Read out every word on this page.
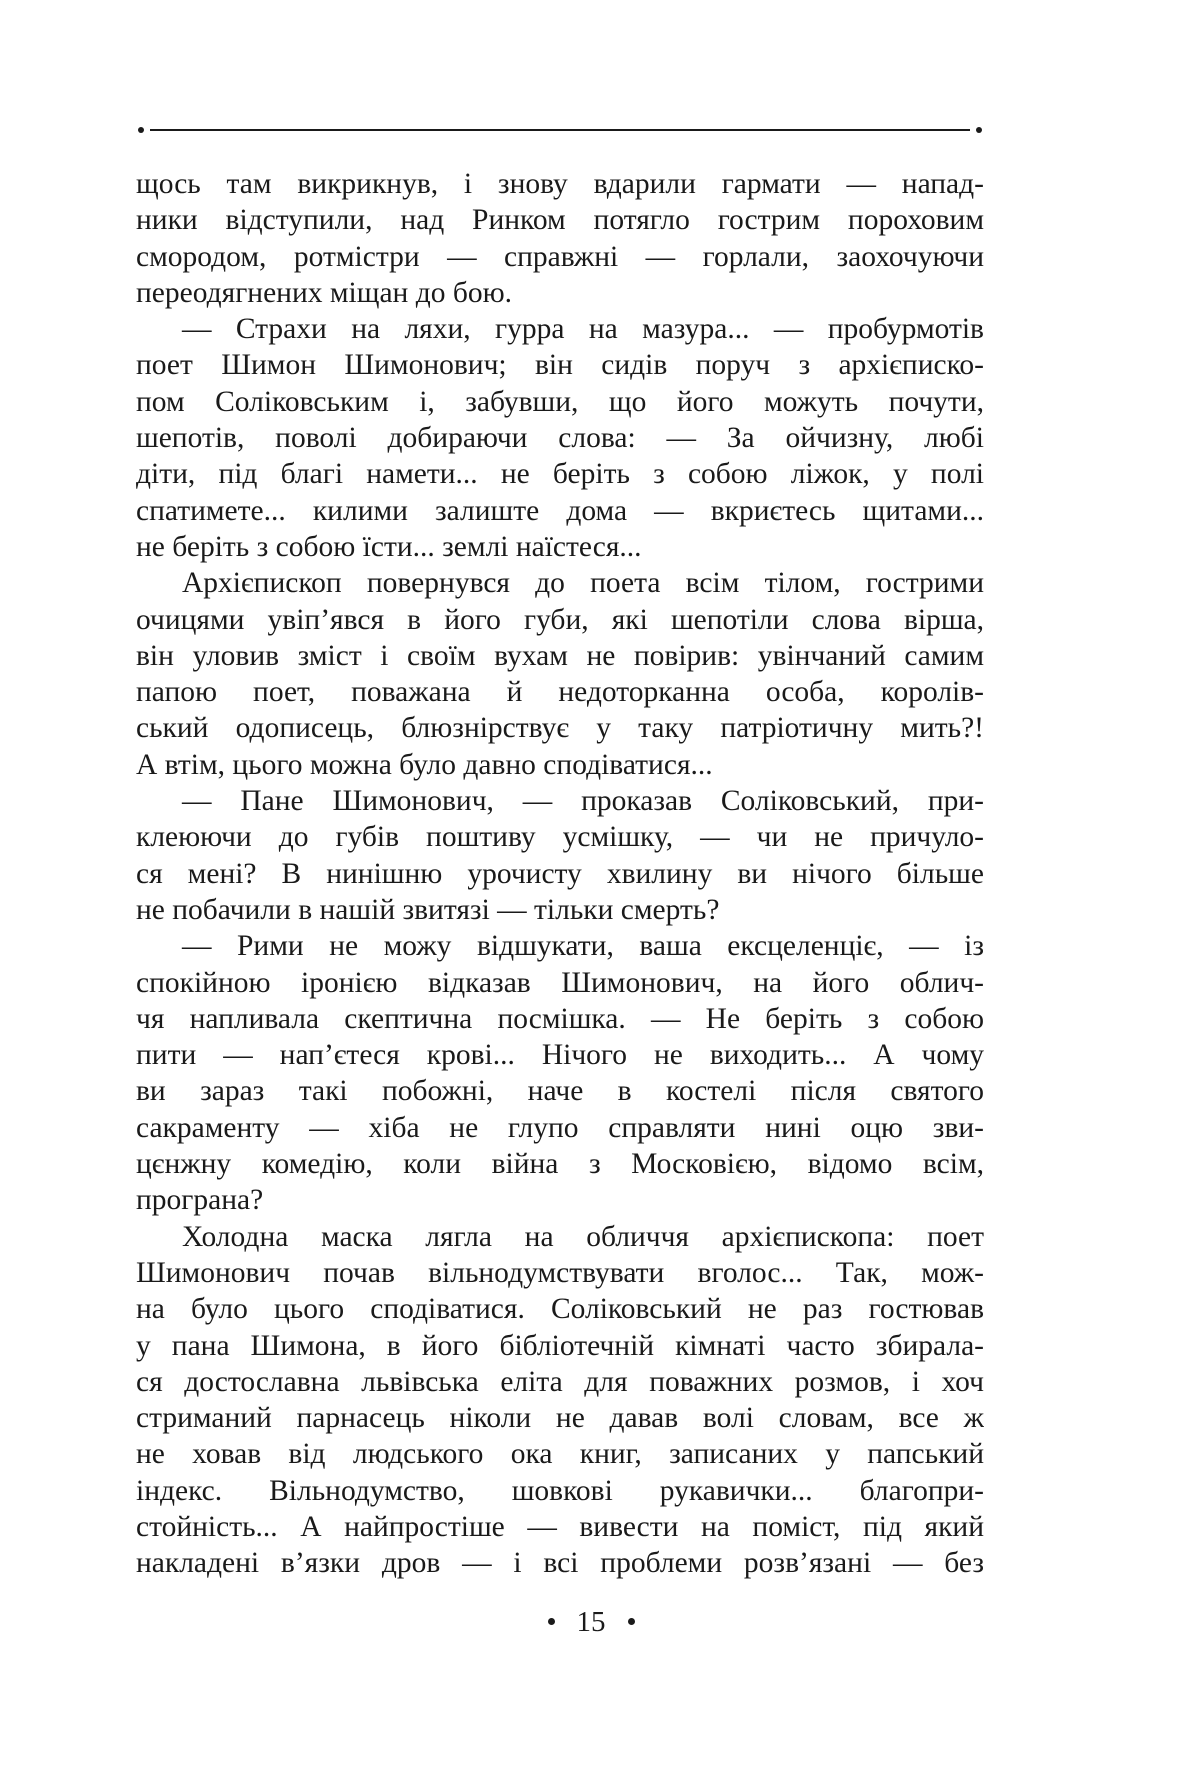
щось там викрикнув, і знову вдарили гармати — напад-
ники відступили, над Ринком потягло гострим пороховим
смородом, ротмістри — справжні — горлали, заохочуючи
переодягнених міщан до бою.
— Страхи на ляхи, гурра на мазура... — пробурмотів
поет Шимон Шимонович; він сидів поруч з архієпиcко-
пом Соліковським і, забувши, що його можуть почути,
шепотів, поволі добираючи слова: — За ойчизну, любі
діти, під благі намети... не беріть з собою ліжок, у полі
спатимете... килими залиште дома — вкриєтесь щитами...
не беріть з собою їсти... землі наїстеся...
Архієпископ повернувся до поета всім тілом, гострими
очицями увіп’явся в його губи, які шепотіли слова вірша,
він уловив зміст і своїм вухам не повірив: увінчаний самим
папою поет, поважана й недоторканна особа, королів-
ський одописець, блюзнірствує у таку патріотичну мить?!
А втім, цього можна було давно сподіватися...
— Пане Шимонович, — проказав Соліковський, при-
клеюючи до губів поштиву усмішку, — чи не причуло-
ся мені? В нинішню урочисту хвилину ви нічого більше
не побачили в нашій звитязі — тільки смерть?
— Рими не можу відшукати, ваша ексцеленціє, — із
спокійною іронією відказав Шимонович, на його облич-
чя напливала скептична посмішка. — Не беріть з собою
пити — нап’єтеся крові... Нічого не виходить... А чому
ви зараз такі побожні, наче в костелі після святого
сакраменту — хіба не глупо справляти нині оцю зви-
цєнжну комедію, коли війна з Московією, відомо всім,
програна?
Холодна маска лягла на обличчя архієпископа: поет
Шимонович почав вільнодумствувати вголос... Так, мож-
на було цього сподіватися. Соліковський не раз гостював
у пана Шимона, в його бібліотечній кімнаті часто збирала-
ся достославна львівська еліта для поважних розмов, і хоч
стриманий парнасець ніколи не давав волі словам, все ж
не ховав від людського ока книг, записаних у папський
індекс. Вільнодумство, шовкові рукавички... благопри-
стойність... А найпростіше — вивести на поміст, під який
накладені в’язки дров — і всі проблеми розв’язані — без
15
